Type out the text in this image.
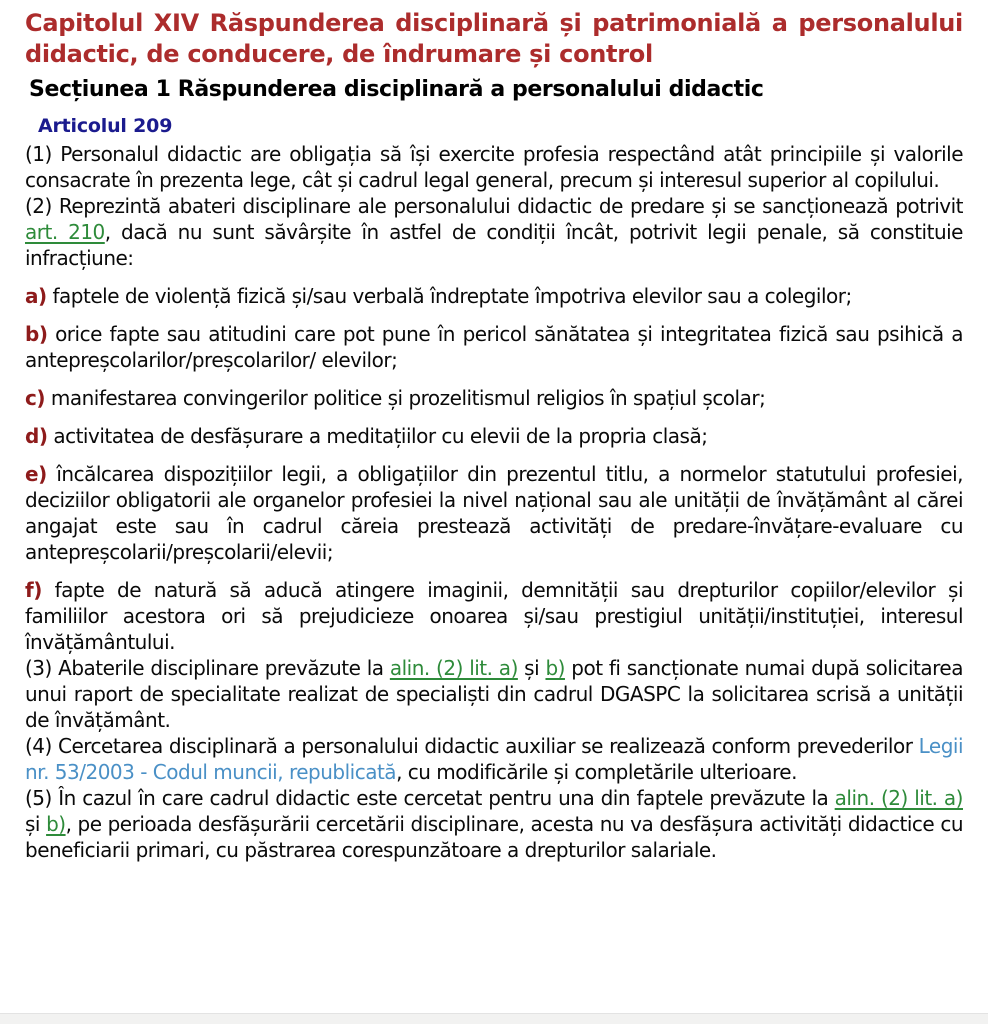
Capitolul XIV Răspunderea disciplinară și patrimonială a personalului didactic, de conducere, de îndrumare și control
Secțiunea 1 Răspunderea disciplinară a personalului didactic
Articolul 209
(1) Personalul didactic are obligația să își exercite profesia respectând atât principiile și valorile consacrate în prezenta lege, cât și cadrul legal general, precum și interesul superior al copilului.
(2) Reprezintă abateri disciplinare ale personalului didactic de predare și se sancționează potrivit art. 210, dacă nu sunt săvârșite în astfel de condiții încât, potrivit legii penale, să constituie infracțiune:
a) faptele de violență fizică și/sau verbală îndreptate împotriva elevilor sau a colegilor;
b) orice fapte sau atitudini care pot pune în pericol sănătatea și integritatea fizică sau psihică a antepreșcolarilor/preșcolarilor/ elevilor;
c) manifestarea convingerilor politice și prozelitismul religios în spațiul școlar;
d) activitatea de desfășurare a meditațiilor cu elevii de la propria clasă;
e) încălcarea dispozițiilor legii, a obligațiilor din prezentul titlu, a normelor statutului profesiei, deciziilor obligatorii ale organelor profesiei la nivel național sau ale unității de învățământ al cărei angajat este sau în cadrul căreia prestează activități de predare-învățare-evaluare cu antepreșcolarii/preșcolarii/elevii;
f) fapte de natură să aducă atingere imaginii, demnității sau drepturilor copiilor/elevilor și familiilor acestora ori să prejudicieze onoarea și/sau prestigiul unității/instituției, interesul învățământului.
(3) Abaterile disciplinare prevăzute la alin. (2) lit. a) și b) pot fi sancționate numai după solicitarea unui raport de specialitate realizat de specialiști din cadrul DGASPC la solicitarea scrisă a unității de învățământ.
(4) Cercetarea disciplinară a personalului didactic auxiliar se realizează conform prevederilor Legii nr. 53/2003 - Codul muncii, republicată, cu modificările și completările ulterioare.
(5) În cazul în care cadrul didactic este cercetat pentru una din faptele prevăzute la alin. (2) lit. a) și b), pe perioada desfășurării cercetării disciplinare, acesta nu va desfășura activități didactice cu beneficiarii primari, cu păstrarea corespunzătoare a drepturilor salariale.
